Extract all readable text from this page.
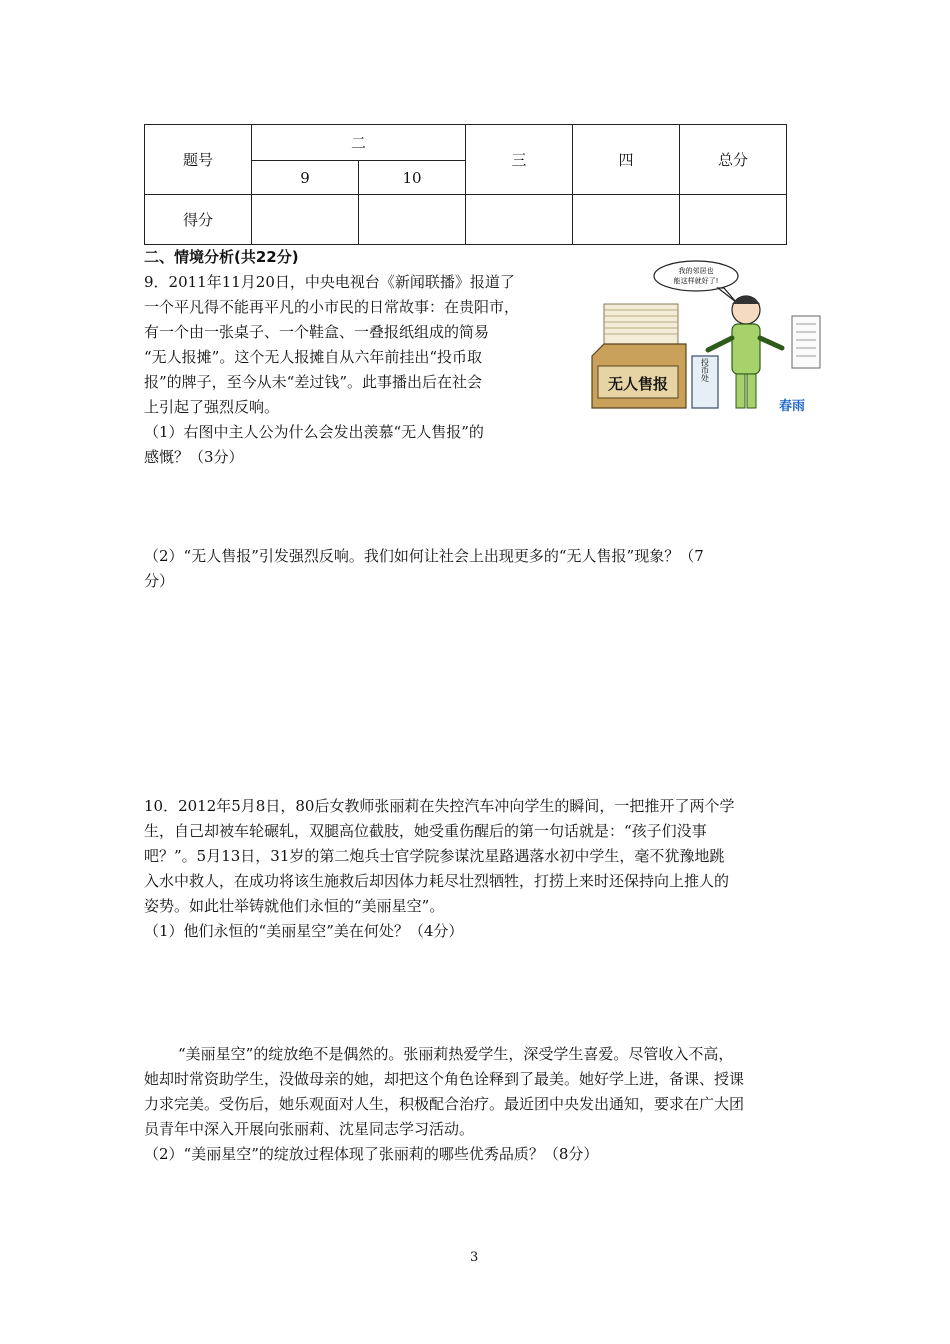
题号	二		三	四	总分
	9	10			
得分					
二、情境分析(共22分)
9．2011年11月20日，中央电视台《新闻联播》报道了
一个平凡得不能再平凡的小市民的日常故事：在贵阳市，
有一个由一张桌子、一个鞋盒、一叠报纸组成的简易
“无人报摊”。这个无人报摊自从六年前挂出“投币取
报”的牌子，至今从未“差过钱”。此事播出后在社会
上引起了强烈反响。
（1）右图中主人公为什么会发出羡慕“无人售报”的
感慨？（3分）
我的邻居也
能这样就好了!
无人售报
投币处
春雨
（2）“无人售报”引发强烈反响。我们如何让社会上出现更多的“无人售报”现象？（7
分）
10．2012年5月8日，80后女教师张丽莉在失控汽车冲向学生的瞬间，一把推开了两个学
生，自己却被车轮碾轧，双腿高位截肢，她受重伤醒后的第一句话就是：“孩子们没事
吧？”。5月13日，31岁的第二炮兵士官学院参谋沈星路遇落水初中学生，毫不犹豫地跳
入水中救人，在成功将该生施救后却因体力耗尽壮烈牺牲，打捞上来时还保持向上推人的
姿势。如此壮举铸就他们永恒的“美丽星空”。
（1）他们永恒的“美丽星空”美在何处？（4分）
“美丽星空”的绽放绝不是偶然的。张丽莉热爱学生，深受学生喜爱。尽管收入不高，
她却时常资助学生，没做母亲的她，却把这个角色诠释到了最美。她好学上进，备课、授课
力求完美。受伤后，她乐观面对人生，积极配合治疗。最近团中央发出通知，要求在广大团
员青年中深入开展向张丽莉、沈星同志学习活动。
（2）“美丽星空”的绽放过程体现了张丽莉的哪些优秀品质？（8分）
3
